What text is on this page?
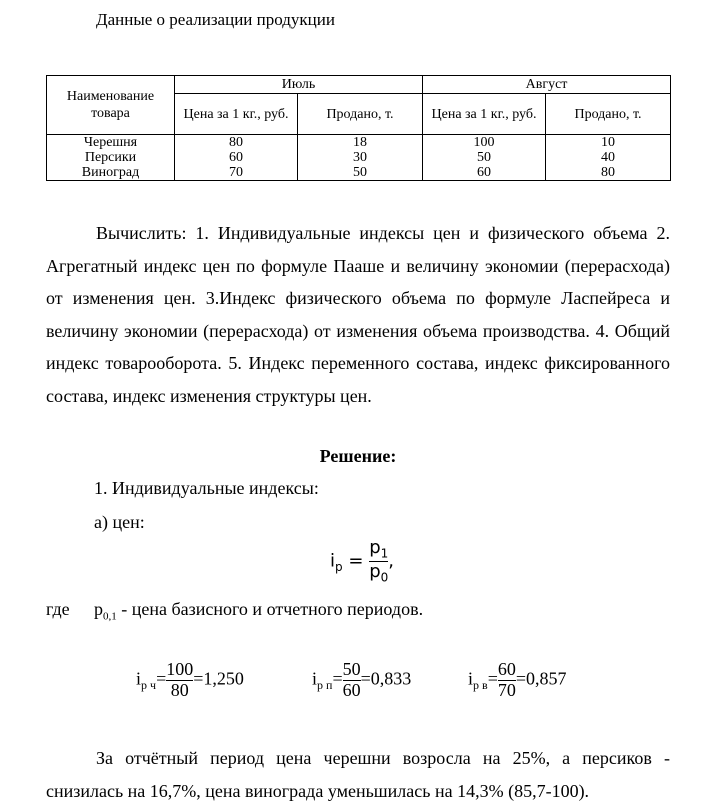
Данные о реализации продукции
Наименование товара	Июль		Август	
	Цена за 1 кг., руб.	Продано, т.	Цена за 1 кг., руб.	Продано, т.
Черешня	80	18	100	10
Персики	60	30	50	40
Виноград	70	50	60	80
Вычислить: 1. Индивидуальные индексы цен и физического объема 2. Агрегатный индекс цен по формуле Пааше и величину экономии (перерасхода) от изменения цен. 3.Индекс физического объема по формуле Ласпейреса и величину экономии (перерасхода) от изменения объема производства. 4. Общий индекс товарооборота. 5. Индекс переменного состава, индекс фиксированного состава, индекс изменения структуры цен.
Решение:
1. Индивидуальные индексы:
а) цен:
$i_p = \frac{p_1}{p_0}$ ,
где $p_{0,1}$ - цена базисного и отчетного периодов.
$i_{р ч}= \frac{100}{80} =1,250$	$i_{р п}= \frac{50}{60} =0,833$	$i_{р в}= \frac{60}{70} =0,857$
За отчётный период цена черешни возросла на 25%, а персиков - снизилась на 16,7%, цена винограда уменьшилась на 14,3% (85,7-100).
